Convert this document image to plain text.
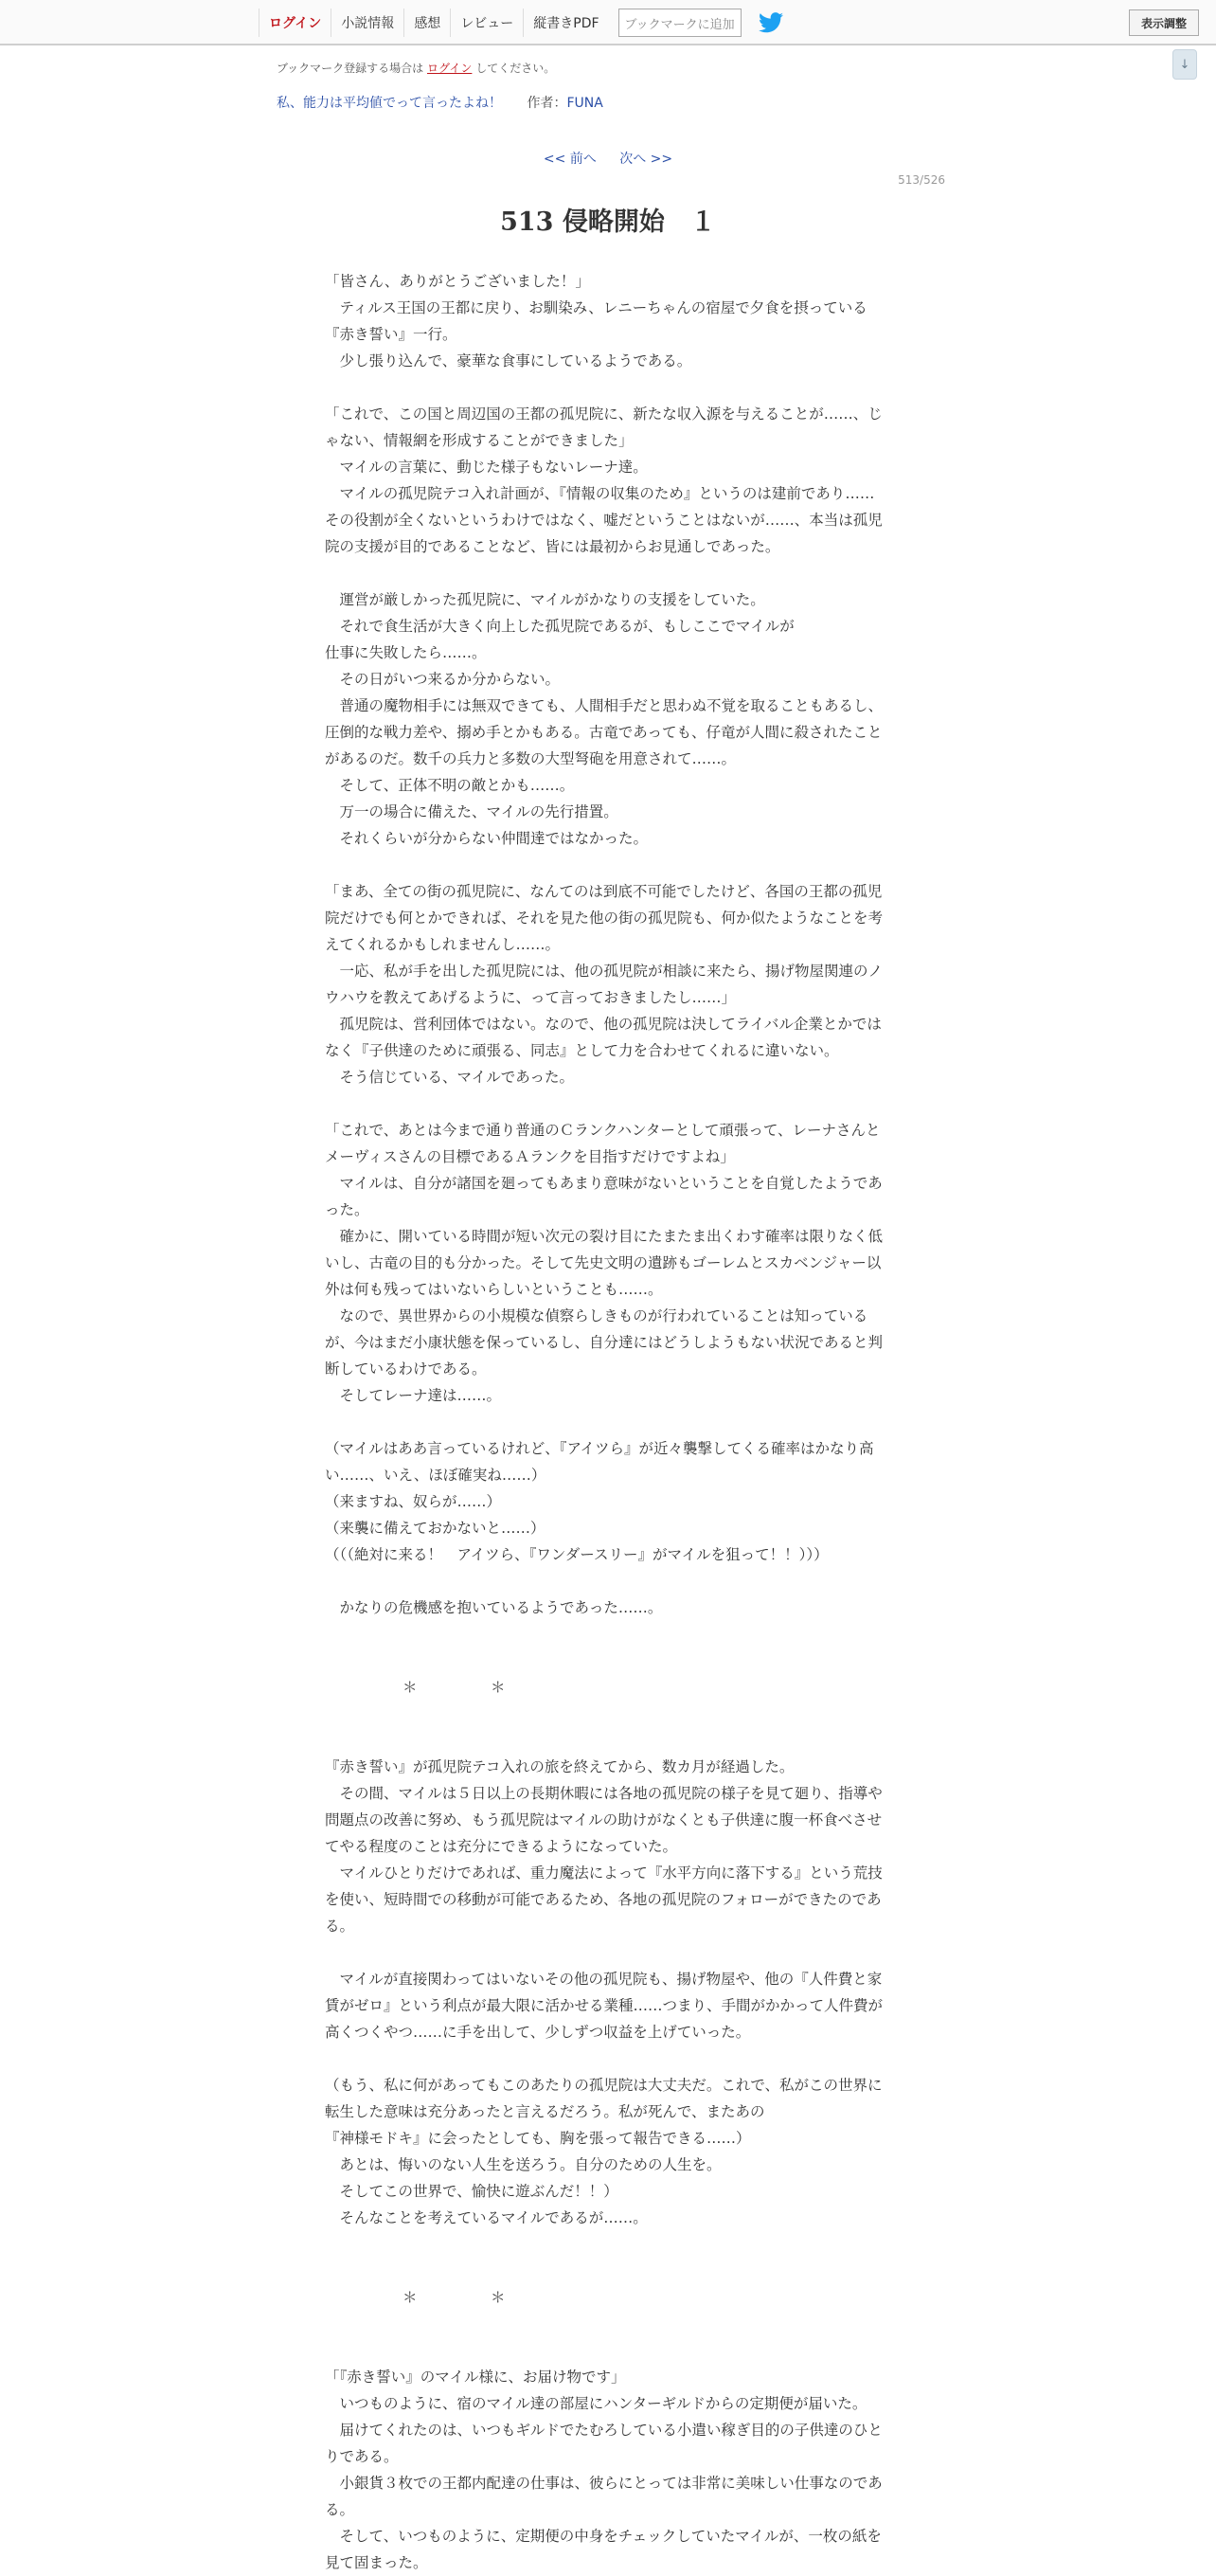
ログイン	小説情報	感想	レビュー	縦書きPDF	ブックマークに追加	表示調整
↓
ブックマーク登録する場合は ログイン してください。
私、能力は平均値でって言ったよね！ 作者：FUNA
<< 前へ 次へ >>
513/526
513 侵略開始　１
「皆さん、ありがとうございました！」
　ティルス王国の王都に戻り、お馴染み、レニーちゃんの宿屋で夕食を摂っている『赤き誓い』一行。
　少し張り込んで、豪華な食事にしているようである。
「これで、この国と周辺国の王都の孤児院に、新たな収入源を与えることが……、じゃない、情報網を形成することができました」
　マイルの言葉に、動じた様子もないレーナ達。
　マイルの孤児院テコ入れ計画が、『情報の収集のため』というのは建前であり……その役割が全くないというわけではなく、嘘だということはないが……、本当は孤児院の支援が目的であることなど、皆には最初からお見通しであった。
　運営が厳しかった孤児院に、マイルがかなりの支援をしていた。
　それで食生活が大きく向上した孤児院であるが、もしここでマイルが
仕事に失敗したら……。
　その日がいつ来るか分からない。
　普通の魔物相手には無双できても、人間相手だと思わぬ不覚を取ることもあるし、圧倒的な戦力差や、搦め手とかもある。古竜であっても、仔竜が人間に殺されたことがあるのだ。数千の兵力と多数の大型弩砲を用意されて……。
　そして、正体不明の敵とかも……。
　万一の場合に備えた、マイルの先行措置。
　それくらいが分からない仲間達ではなかった。
「まあ、全ての街の孤児院に、なんてのは到底不可能でしたけど、各国の王都の孤児院だけでも何とかできれば、それを見た他の街の孤児院も、何か似たようなことを考えてくれるかもしれませんし……。
　一応、私が手を出した孤児院には、他の孤児院が相談に来たら、揚げ物屋関連のノウハウを教えてあげるように、って言っておきましたし……」
　孤児院は、営利団体ではない。なので、他の孤児院は決してライバル企業とかではなく『子供達のために頑張る、同志』として力を合わせてくれるに違いない。
　そう信じている、マイルであった。
「これで、あとは今まで通り普通のＣランクハンターとして頑張って、レーナさんとメーヴィスさんの目標であるＡランクを目指すだけですよね」
　マイルは、自分が諸国を廻ってもあまり意味がないということを自覚したようであった。
　確かに、開いている時間が短い次元の裂け目にたまたま出くわす確率は限りなく低いし、古竜の目的も分かった。そして先史文明の遺跡もゴーレムとスカベンジャー以外は何も残ってはいないらしいということも……。
　なので、異世界からの小規模な偵察らしきものが行われていることは知っているが、今はまだ小康状態を保っているし、自分達にはどうしようもない状況であると判断しているわけである。
　そしてレーナ達は……。
（マイルはああ言っているけれど、『アイツら』が近々襲撃してくる確率はかなり高い……、いえ、ほぼ確実ね……）
（来ますね、奴らが……）
（来襲に備えておかないと……）
（（（絶対に来る！　アイツら、『ワンダースリー』がマイルを狙って！！）））
　かなりの危機感を抱いているようであった……。
＊　　　　　＊
『赤き誓い』が孤児院テコ入れの旅を終えてから、数カ月が経過した。
　その間、マイルは５日以上の長期休暇には各地の孤児院の様子を見て廻り、指導や問題点の改善に努め、もう孤児院はマイルの助けがなくとも子供達に腹一杯食べさせてやる程度のことは充分にできるようになっていた。
　マイルひとりだけであれば、重力魔法によって『水平方向に落下する』という荒技を使い、短時間での移動が可能であるため、各地の孤児院のフォローができたのである。
　マイルが直接関わってはいないその他の孤児院も、揚げ物屋や、他の『人件費と家賃がゼロ』という利点が最大限に活かせる業種……つまり、手間がかかって人件費が高くつくやつ……に手を出して、少しずつ収益を上げていった。
（もう、私に何があってもこのあたりの孤児院は大丈夫だ。これで、私がこの世界に転生した意味は充分あったと言えるだろう。私が死んで、またあの
『神様モドキ』に会ったとしても、胸を張って報告できる……）
　あとは、悔いのない人生を送ろう。自分のための人生を。
　そしてこの世界で、愉快に遊ぶんだ！！）
　そんなことを考えているマイルであるが……。
＊　　　　　＊
「『赤き誓い』のマイル様に、お届け物です」
　いつものように、宿のマイル達の部屋にハンターギルドからの定期便が届いた。
　届けてくれたのは、いつもギルドでたむろしている小遣い稼ぎ目的の子供達のひとりである。
　小銀貨３枚での王都内配達の仕事は、彼らにとっては非常に美味しい仕事なのである。
　そして、いつものように、定期便の中身をチェックしていたマイルが、一枚の紙を見て固まった。
